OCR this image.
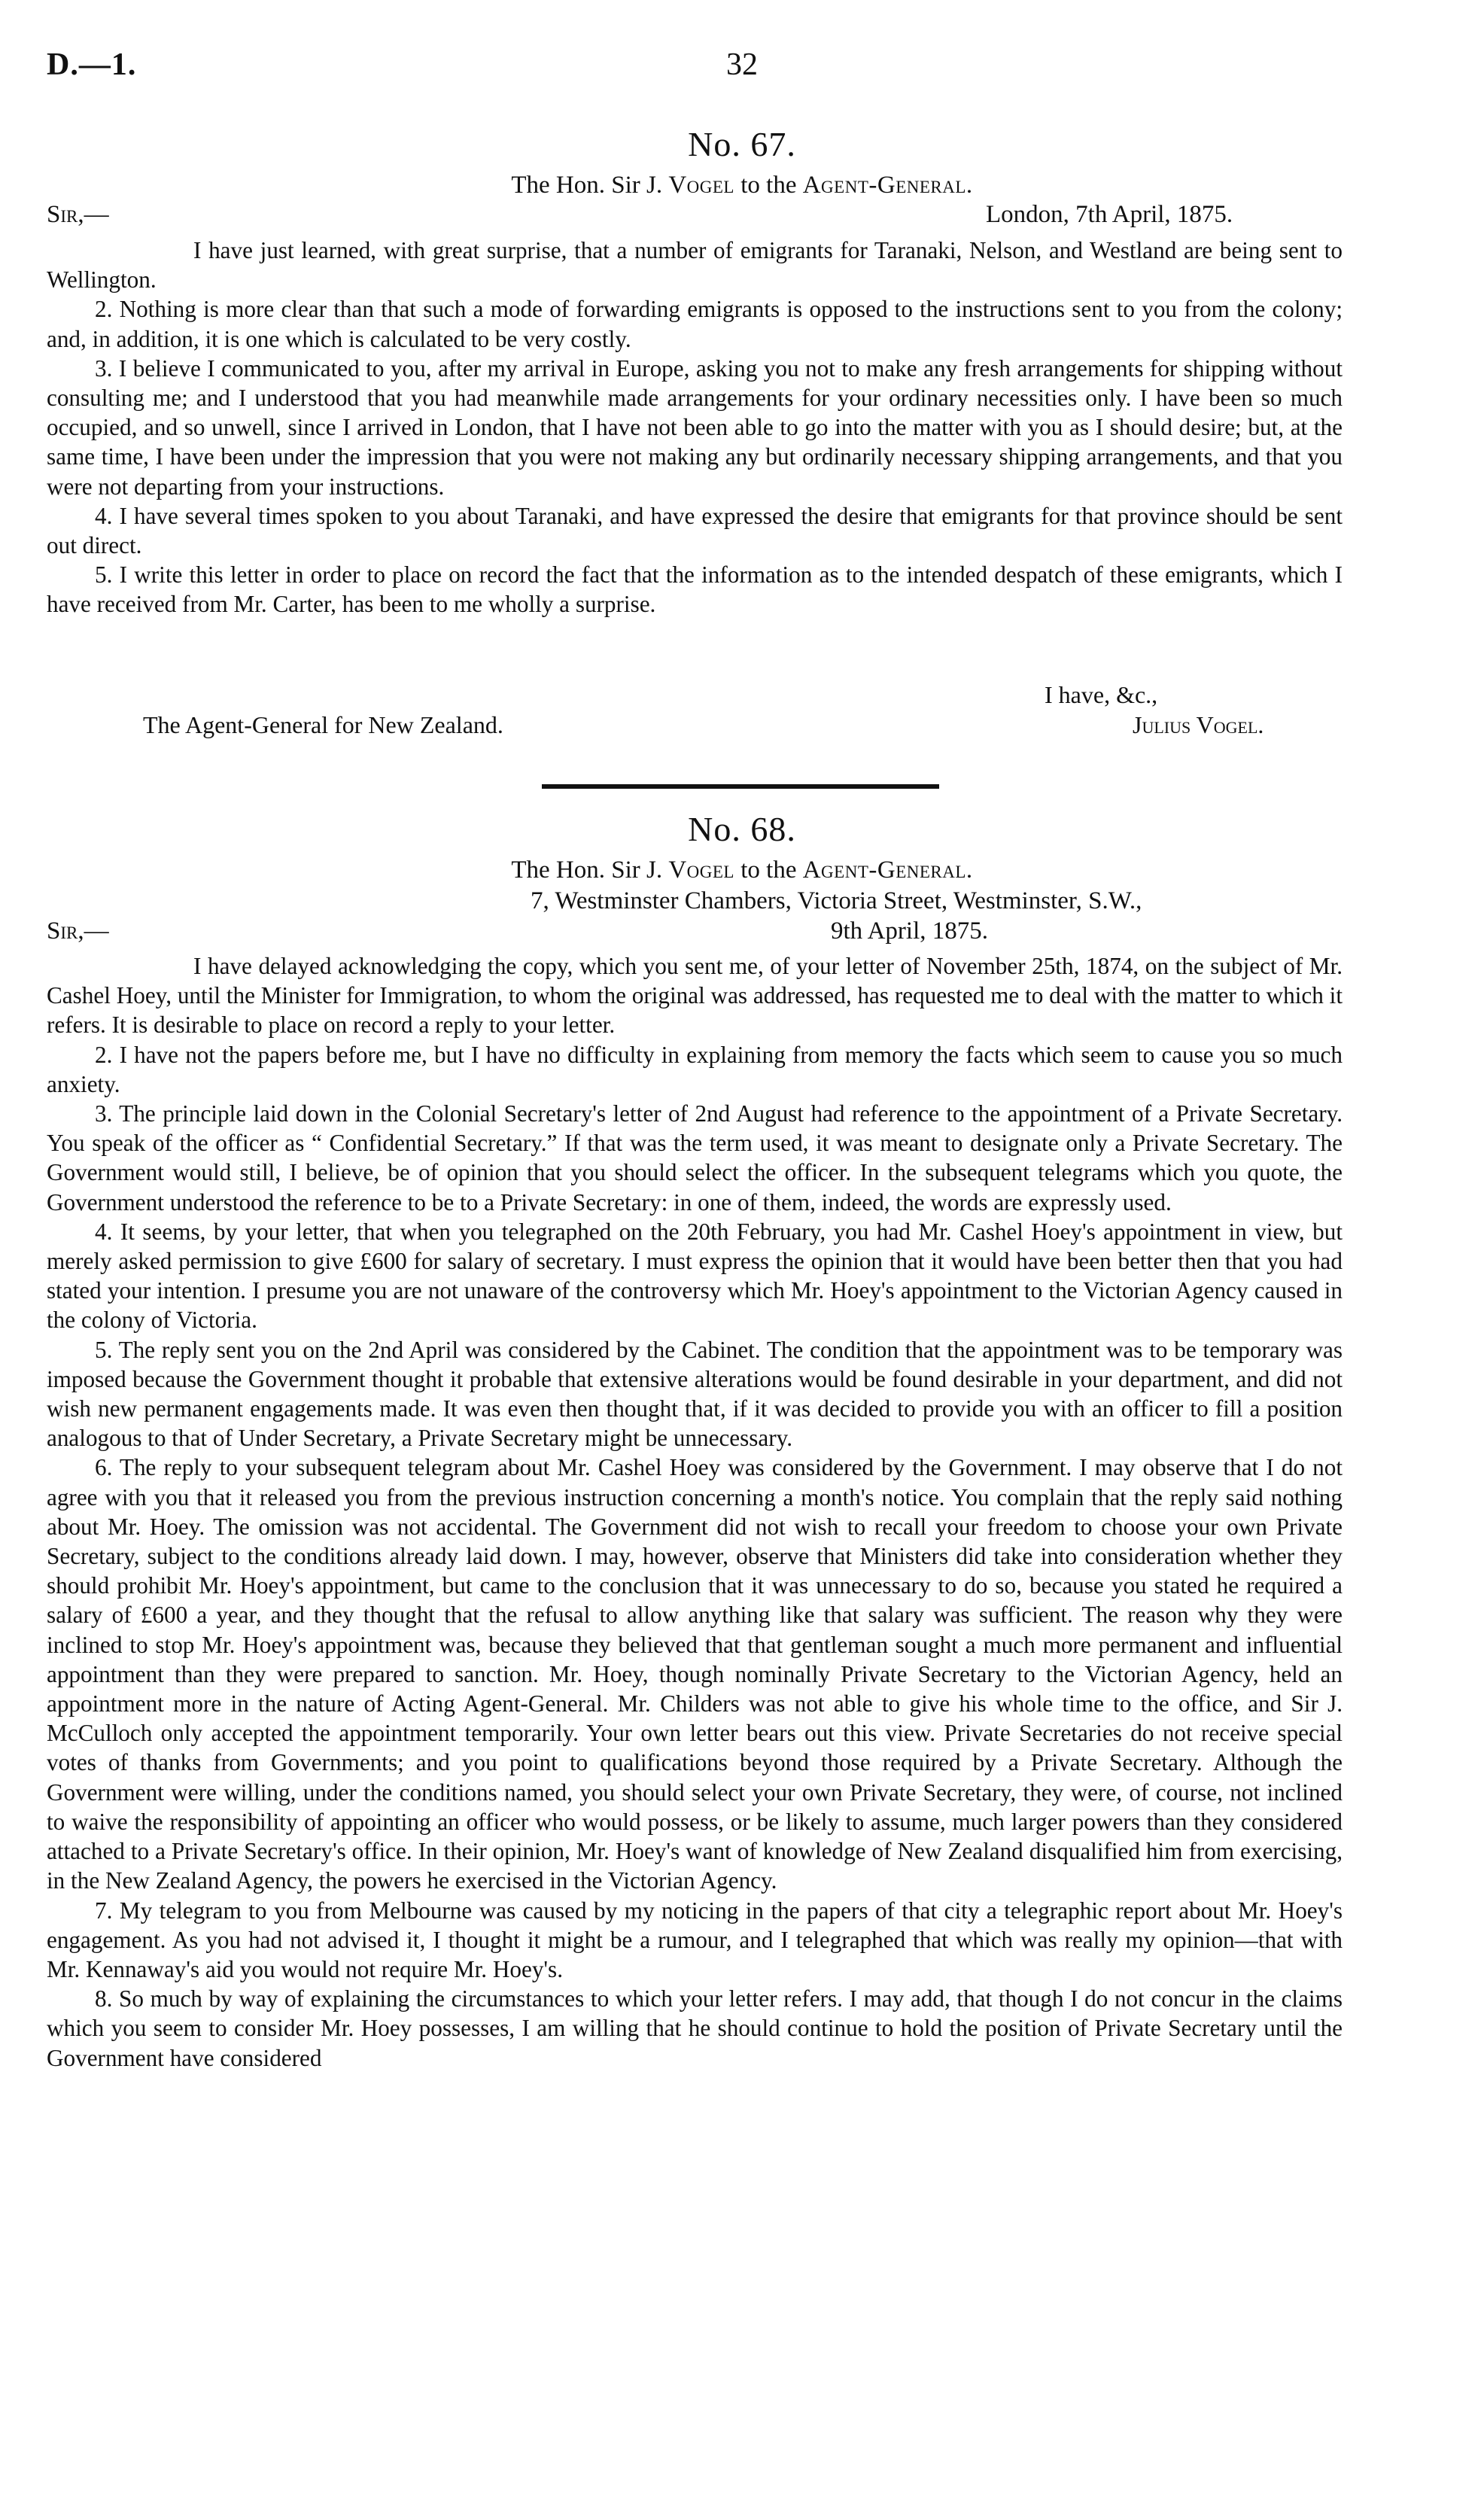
D.—1.	32
No. 67.
The Hon. Sir J. Vogel to the Agent-General.
Sir,—	London, 7th April, 1875.

I have just learned, with great surprise, that a number of emigrants for Taranaki, Nelson, and Westland are being sent to Wellington.

2. Nothing is more clear than that such a mode of forwarding emigrants is opposed to the instructions sent to you from the colony; and, in addition, it is one which is calculated to be very costly.

3. I believe I communicated to you, after my arrival in Europe, asking you not to make any fresh arrangements for shipping without consulting me; and I understood that you had meanwhile made arrangements for your ordinary necessities only. I have been so much occupied, and so unwell, since I arrived in London, that I have not been able to go into the matter with you as I should desire; but, at the same time, I have been under the impression that you were not making any but ordinarily necessary shipping arrangements, and that you were not departing from your instructions.

4. I have several times spoken to you about Taranaki, and have expressed the desire that emigrants for that province should be sent out direct.

5. I write this letter in order to place on record the fact that the information as to the intended despatch of these emigrants, which I have received from Mr. Carter, has been to me wholly a surprise.

I have, &c.,
The Agent-General for New Zealand.	Julius Vogel.
No. 68.
The Hon. Sir J. Vogel to the Agent-General.
7, Westminster Chambers, Victoria Street, Westminster, S.W.,
Sir,—	9th April, 1875.

I have delayed acknowledging the copy, which you sent me, of your letter of November 25th, 1874, on the subject of Mr. Cashel Hoey, until the Minister for Immigration, to whom the original was addressed, has requested me to deal with the matter to which it refers. It is desirable to place on record a reply to your letter.

2. I have not the papers before me, but I have no difficulty in explaining from memory the facts which seem to cause you so much anxiety.

3. The principle laid down in the Colonial Secretary's letter of 2nd August had reference to the appointment of a Private Secretary. You speak of the officer as “ Confidential Secretary.” If that was the term used, it was meant to designate only a Private Secretary. The Government would still, I believe, be of opinion that you should select the officer. In the subsequent telegrams which you quote, the Government understood the reference to be to a Private Secretary: in one of them, indeed, the words are expressly used.

4. It seems, by your letter, that when you telegraphed on the 20th February, you had Mr. Cashel Hoey's appointment in view, but merely asked permission to give £600 for salary of secretary. I must express the opinion that it would have been better then that you had stated your intention. I presume you are not unaware of the controversy which Mr. Hoey's appointment to the Victorian Agency caused in the colony of Victoria.

5. The reply sent you on the 2nd April was considered by the Cabinet. The condition that the appointment was to be temporary was imposed because the Government thought it probable that extensive alterations would be found desirable in your department, and did not wish new permanent engagements made. It was even then thought that, if it was decided to provide you with an officer to fill a position analogous to that of Under Secretary, a Private Secretary might be unnecessary.

6. The reply to your subsequent telegram about Mr. Cashel Hoey was considered by the Government. I may observe that I do not agree with you that it released you from the previous instruction concerning a month's notice. You complain that the reply said nothing about Mr. Hoey. The omission was not accidental. The Government did not wish to recall your freedom to choose your own Private Secretary, subject to the conditions already laid down. I may, however, observe that Ministers did take into consideration whether they should prohibit Mr. Hoey's appointment, but came to the conclusion that it was unnecessary to do so, because you stated he required a salary of £600 a year, and they thought that the refusal to allow anything like that salary was sufficient. The reason why they were inclined to stop Mr. Hoey's appointment was, because they believed that that gentleman sought a much more permanent and influential appointment than they were prepared to sanction. Mr. Hoey, though nominally Private Secretary to the Victorian Agency, held an appointment more in the nature of Acting Agent-General. Mr. Childers was not able to give his whole time to the office, and Sir J. McCulloch only accepted the appointment temporarily. Your own letter bears out this view. Private Secretaries do not receive special votes of thanks from Governments; and you point to qualifications beyond those required by a Private Secretary. Although the Government were willing, under the conditions named, you should select your own Private Secretary, they were, of course, not inclined to waive the responsibility of appointing an officer who would possess, or be likely to assume, much larger powers than they considered attached to a Private Secretary's office. In their opinion, Mr. Hoey's want of knowledge of New Zealand disqualified him from exercising, in the New Zealand Agency, the powers he exercised in the Victorian Agency.

7. My telegram to you from Melbourne was caused by my noticing in the papers of that city a telegraphic report about Mr. Hoey's engagement. As you had not advised it, I thought it might be a rumour, and I telegraphed that which was really my opinion—that with Mr. Kennaway's aid you would not require Mr. Hoey's.

8. So much by way of explaining the circumstances to which your letter refers. I may add, that though I do not concur in the claims which you seem to consider Mr. Hoey possesses, I am willing that he should continue to hold the position of Private Secretary until the Government have considered
